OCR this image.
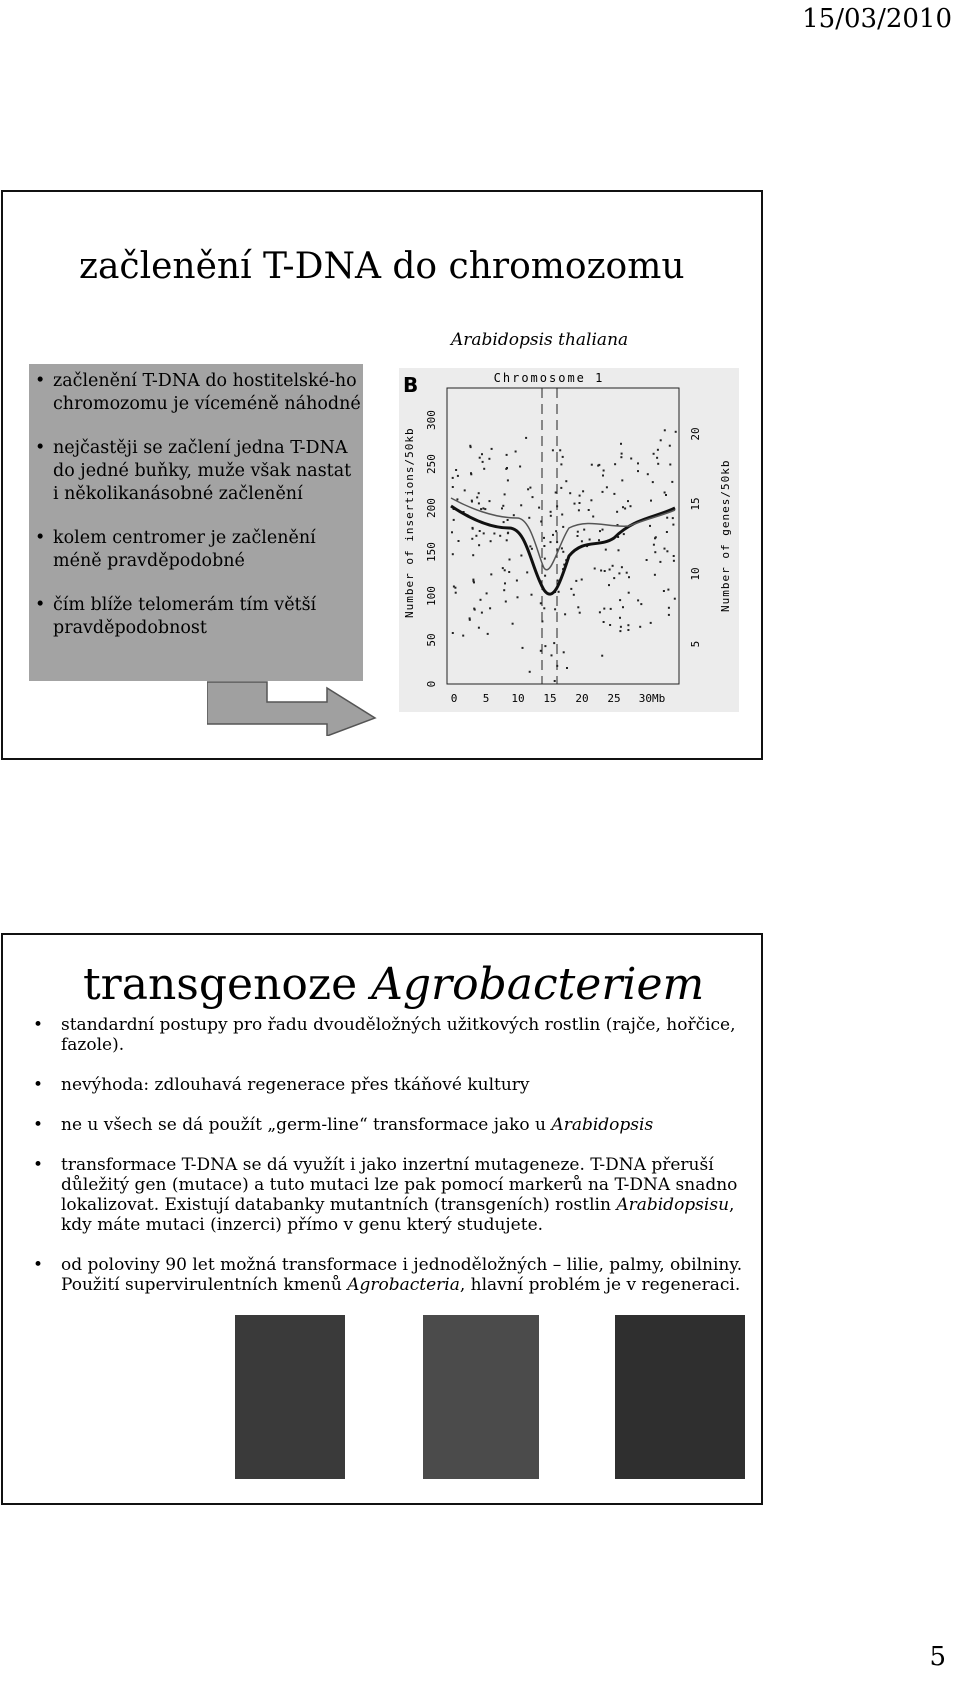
15/03/2010
začlenění T-DNA do chromozomu
Arabidopsis thaliana
• začlenění T-DNA do hostitelské-ho chromozomu je víceméně náhodné
• nejčastěji se začlení jedna T-DNA do jedné buňky, muže však nastat i několikanásobné začlenění
• kolem centromer je začlenění méně pravděpodobné
• čím blíže telomerám tím větší pravděpodobnost
B	Chromosome 1
Number of insertions/50kb	Number of genes/50kb
0 5 10 15 20 25 30Mb
0
50
100
150
200
250
300
5
10
15
20
transgenoze Agrobacteriem
• standardní postupy pro řadu dvouděložných užitkových rostlin (rajče, hořčice, fazole).
• nevýhoda: zdlouhavá regenerace přes tkáňové kultury
• ne u všech se dá použít „germ-line“ transformace jako u Arabidopsis
• transformace T-DNA se dá využít i jako inzertní mutageneze. T-DNA přeruší důležitý gen (mutace) a tuto mutaci lze pak pomocí markerů na T-DNA snadno lokalizovat. Existují databanky mutantních (transgeních) rostlin Arabidopsisu, kdy máte mutaci (inzerci) přímo v genu který studujete.
• od poloviny 90 let možná transformace i jednoděložných – lilie, palmy, obilniny. Použití supervirulentních kmenů Agrobacteria, hlavní problém je v regeneraci.
5
